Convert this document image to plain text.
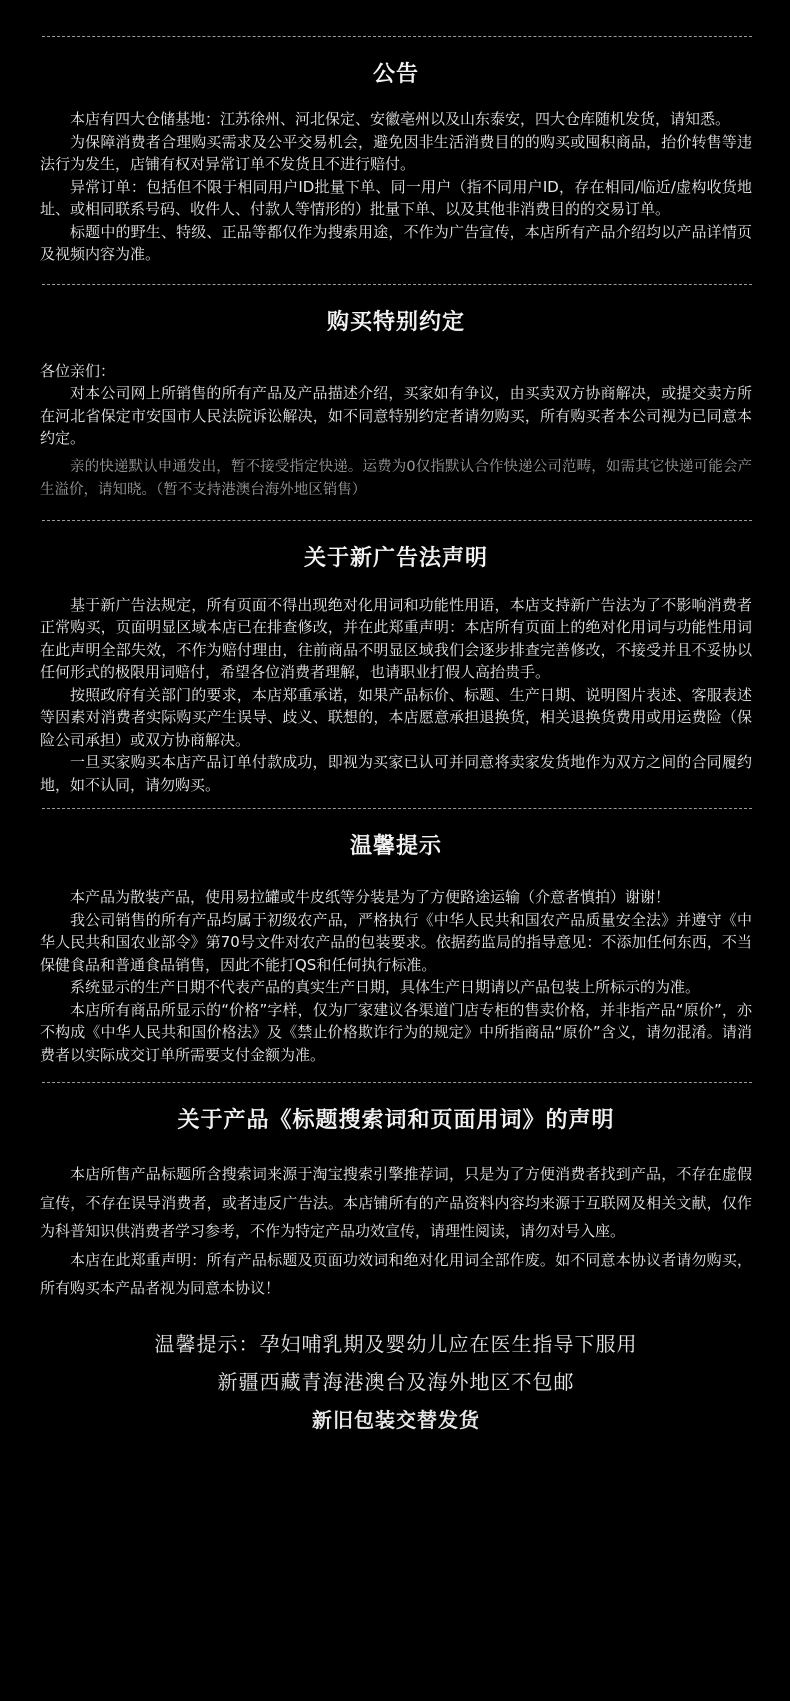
公告

本店有四大仓储基地：江苏徐州、河北保定、安徽亳州以及山东泰安，四大仓库随机发货，请知悉。

为保障消费者合理购买需求及公平交易机会，避免因非生活消费目的的购买或囤积商品，抬价转售等违法行为发生，店铺有权对异常订单不发货且不进行赔付。

异常订单：包括但不限于相同用户ID批量下单、同一用户（指不同用户ID，存在相同/临近/虚构收货地址、或相同联系号码、收件人、付款人等情形的）批量下单、以及其他非消费目的的交易订单。

标题中的野生、特级、正品等都仅作为搜索用途，不作为广告宣传，本店所有产品介绍均以产品详情页及视频内容为准。

购买特别约定

各位亲们：

对本公司网上所销售的所有产品及产品描述介绍，买家如有争议，由买卖双方协商解决，或提交卖方所在河北省保定市安国市人民法院诉讼解决，如不同意特别约定者请勿购买，所有购买者本公司视为已同意本约定。

亲的快递默认申通发出，暂不接受指定快递。运费为0仅指默认合作快递公司范畴，如需其它快递可能会产生溢价，请知晓。（暂不支持港澳台海外地区销售）

关于新广告法声明

基于新广告法规定，所有页面不得出现绝对化用词和功能性用语，本店支持新广告法为了不影响消费者正常购买，页面明显区域本店已在排查修改，并在此郑重声明：本店所有页面上的绝对化用词与功能性用词在此声明全部失效，不作为赔付理由，往前商品不明显区域我们会逐步排查完善修改，不接受并且不妥协以任何形式的极限用词赔付，希望各位消费者理解，也请职业打假人高抬贵手。

按照政府有关部门的要求，本店郑重承诺，如果产品标价、标题、生产日期、说明图片表述、客服表述等因素对消费者实际购买产生误导、歧义、联想的，本店愿意承担退换货，相关退换货费用或用运费险（保险公司承担）或双方协商解决。

一旦买家购买本店产品订单付款成功，即视为买家已认可并同意将卖家发货地作为双方之间的合同履约地，如不认同，请勿购买。

温馨提示

本产品为散装产品，使用易拉罐或牛皮纸等分装是为了方便路途运输（介意者慎拍）谢谢！

我公司销售的所有产品均属于初级农产品，严格执行《中华人民共和国农产品质量安全法》并遵守《中华人民共和国农业部令》第70号文件对农产品的包装要求。依据药监局的指导意见：不添加任何东西，不当保健食品和普通食品销售，因此不能打QS和任何执行标准。

系统显示的生产日期不代表产品的真实生产日期，具体生产日期请以产品包装上所标示的为准。

本店所有商品所显示的“价格”字样，仅为厂家建议各渠道门店专柜的售卖价格，并非指产品“原价”，亦不构成《中华人民共和国价格法》及《禁止价格欺诈行为的规定》中所指商品“原价”含义，请勿混淆。请消费者以实际成交订单所需要支付金额为准。

关于产品《标题搜索词和页面用词》的声明

本店所售产品标题所含搜索词来源于淘宝搜索引擎推荐词，只是为了方便消费者找到产品，不存在虚假宣传，不存在误导消费者，或者违反广告法。本店铺所有的产品资料内容均来源于互联网及相关文献，仅作为科普知识供消费者学习参考，不作为特定产品功效宣传，请理性阅读，请勿对号入座。

本店在此郑重声明：所有产品标题及页面功效词和绝对化用词全部作废。如不同意本协议者请勿购买，所有购买本产品者视为同意本协议！

温馨提示：孕妇哺乳期及婴幼儿应在医生指导下服用
新疆西藏青海港澳台及海外地区不包邮
新旧包装交替发货
